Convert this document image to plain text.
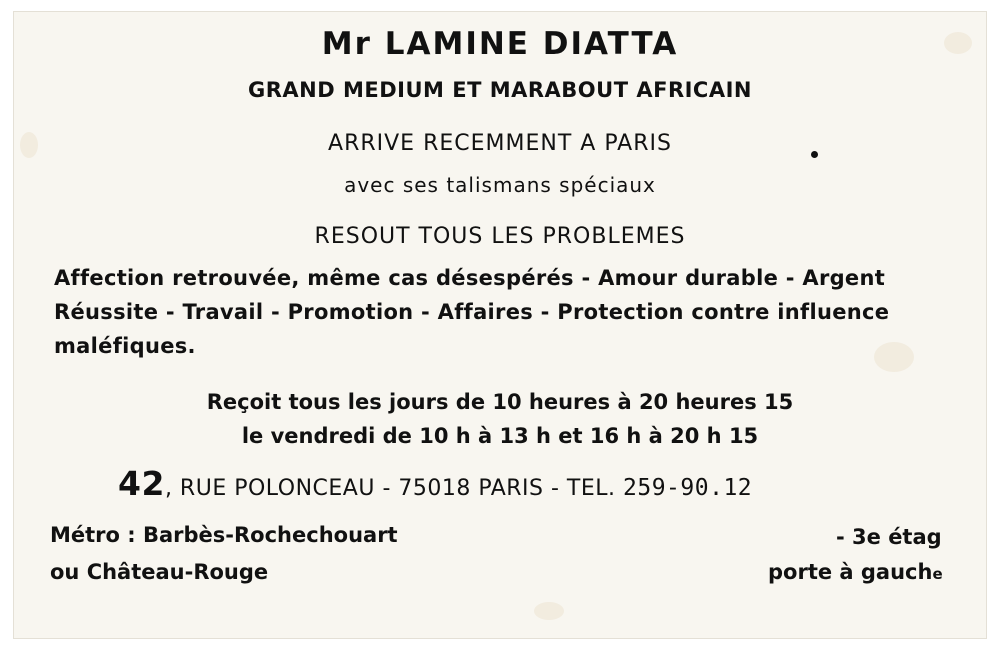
Mr LAMINE DIATTA
GRAND MEDIUM ET MARABOUT AFRICAIN
ARRIVE RECEMMENT A PARIS
avec ses talismans spéciaux
RESOUT TOUS LES PROBLEMES
Affection retrouvée, même cas désespérés - Amour durable - Argent
Réussite - Travail - Promotion - Affaires - Protection contre influence
maléfiques.
Reçoit tous les jours de 10 heures à 20 heures 15
le vendredi de 10 h à 13 h et 16 h à 20 h 15
42, RUE POLONCEAU - 75018 PARIS - TEL. 259-90.12
Métro : Barbès-Rochechouart
ou Château-Rouge
- 3e étag
porte à gauche
